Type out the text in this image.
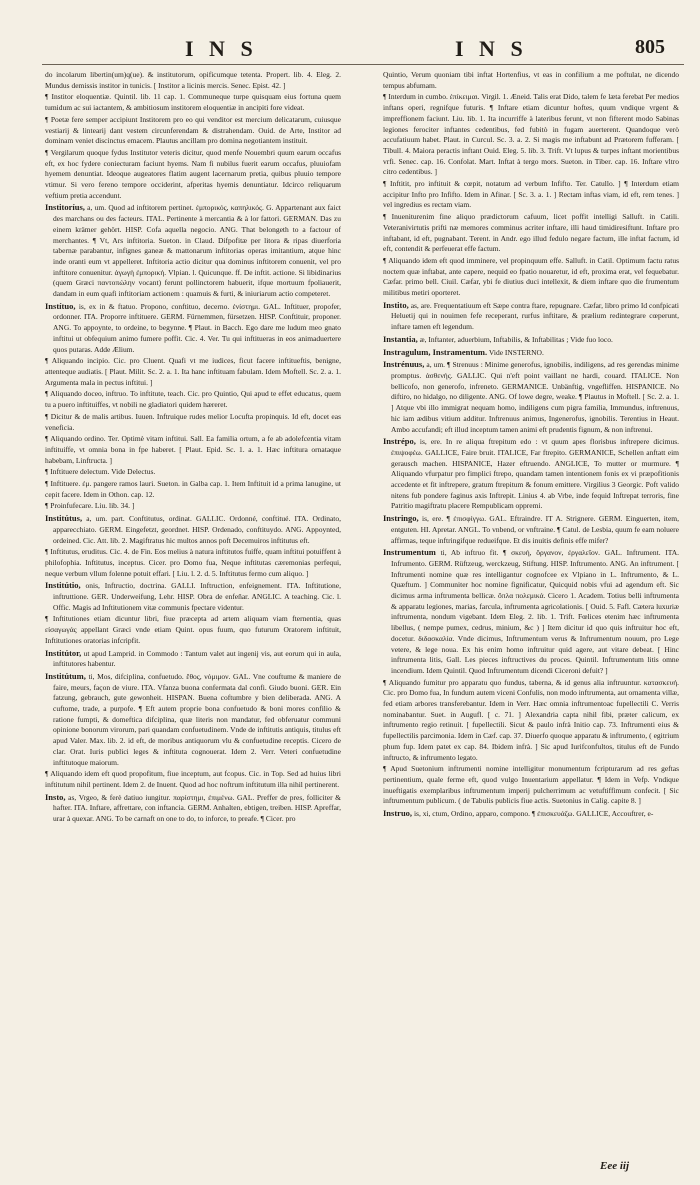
I N S	I N S	805

do incolarum libertin(um)q(ue). & institutorum, opificumque tetenta. Propert. lib. 4. Eleg. 2. Mundus demissis institor in tunicis. [ Institor a licinis mercis. Senec. Epist. 42. ]

¶ Institor eloquentiæ. Quintil. lib. 11 cap. 1. Communeque turpe quisquam eius fortuna quem tumidum ac sui iactantem, & ambitiosum institorem eloquentiæ in ancipiti fore videat.

¶ Poetæ fere semper accipiunt Institorem pro eo qui venditor est mercium delicatarum, cuiusque vestiarij & lintearij dant vestem circunferendam & distrahendam. Ouid. de Arte, Institor ad dominam veniet discinctus emacem. Plautus ancillam pro domina negotiantem instituit.

¶ Vergilarum quoque fydus Institutor veteris dicitur, quod menfe Nouembri quum earum occafus eft, ex hoc fydere coniecturam faciunt hyems. Nam fi nubilus fuerit earum occafus, pluuiofam hyemem denuntiat. Ideoque augeatores flatim augent lacernarum pretia, quibus pluuio tempore vtimur. Si vero fereno tempore occiderint, afperitas hyemis denuntiatur. Idcirco reliquarum veftium pretia accendunt.

Institoríus, a, um. Quod ad inftitorem pertinet. ἐμπορικός, καπηλικός. G. Appartenant aux faict des marchans ou des facteurs. ITAL. Pertinente à mercantia & à lor fattori. GERMAN. Das zu einem krämer gehört. HISP. Cofa aquella negocio. ANG. That belongeth to a factour of merchantes. ¶ Vt, Ars inftitoria. Sueton. in Claud. Difpofitæ per litora & ripas diuerforia tabernæ parabantur, infignes ganeæ & mattonarum inftitorias operas imitantium, atque hinc inde oranti eum vt appelleret. Inftitoria actio dicitur qua dominus inftitorem conuenit, vel pro inftitore conuenitur. ἀγωγὴ ἐμπορική. Vlpian. l. Quicunque. ff. De inftit. actione. Si libidinarius (quem Græci παντοπώλην vocant) ferunt pollinctorem habuerit, ifque mortuum fpoliauerit, dandam in eum quafi inftitoriam actionem : quamuis & furti, & iniuriarum actio competeret.

Instítuo, is, ex in & ftatuo. Propono, conftituo, decerno. ἐνίστημι. GAL. Inftituer, propofer, ordonner. ITA. Proporre inftituere. GERM. Fürnemmen, fürsetzen. HISP. Conftituir, proponer. ANG. To appoynte, to ordeine, to begynne. ¶ Plaut. in Bacch. Ego dare me ludum meo gnato inftitui ut obfequium animo fumere poffit. Cic. 4. Ver. Tu qui inftitueras in eos animaduertere quos putaras. Adde Ælium.

¶ Aliquando incipio. Cic. pro Cluent. Quafi vt me iudices, ficut facere inftitueftis, benigne, attenteque audiatis. [ Plaut. Milit. Sc. 2. a. 1. Ita hanc inftituam fabulam. Idem Moftell. Sc. 2. a. 1. Argumenta mala in pectus inftitui. ]

¶ Aliquando doceo, inftruo. To inftitute, teach. Cic. pro Quintio, Qui apud te effet educatus, quem tu a puero inftituiffes, vt nobili ne gladiatori quidem hæreret.

¶ Dicitur & de malis artibus. Iuuen. Inftruique rudes melior Locufta propinquis. Id eft, docet eas veneficia.

¶ Aliquando ordino. Ter. Optimè vitam inftitui. Sall. Ea familia ortum, a fe ab adolefcentia vitam inftituiffe, vt omnia bona in fpe haberet. [ Plaut. Epid. Sc. 1. a. 1. Hæc inftitura ornataque habebam, Linftructa. ]

¶ Inftituere delectum. Vide Delectus.

¶ Inftituere. ἐμ. pangere ramos lauri. Sueton. in Galba cap. 1. Item Inftituit id a prima lanugine, ut cepit facere. Idem in Othon. cap. 12.

¶ Proinfufecare. Liu. lib. 34. ]

Institútus, a, um. part. Conftitutus, ordinat. GALLIC. Ordonné, conftitué. ITA. Ordinato, apparecchiato. GERM. Eingefetzt, geordnet. HISP. Ordenado, conftituydo. ANG. Appoynted, ordeined. Cic. Att. lib. 2. Magiftratus hic multos annos poft Decemuiros inftitutus eft.

¶ Inftitutus, eruditus. Cic. 4. de Fin. Eos melius à natura inftitutos fuiffe, quam inftitui potuiffent à philofophia. Inftitutus, inceptus. Cicer. pro Domo fua, Neque inftitutas cæremonias perfequi, neque verbum vllum folenne potuit effari. [ Liu. l. 2. d. 5. Inftitutus fermo cum aliquo. ]

Institútio, onis, Inftructio, doctrina. GALLI. Inftruction, enfeignement. ITA. Inftitutione, inftruttione. GER. Underweifung, Lehr. HISP. Obra de enfeñar. ANGLIC. A teaching. Cic. l. Offic. Magis ad Inftitutionem vitæ communis fpectare videntur.

¶ Inftitutiones etiam dicuntur libri, fiue præcepta ad artem aliquam viam fternentia, quas εἰσαγωγάς appellant Græci vnde etiam Quint. opus fuum, quo futurum Oratorem inftituit, Inftitutiones oratorias infcripfit.

Institútor, ut apud Lamprid. in Commodo : Tantum valet aut ingenij vis, aut eorum qui in aula, inftitutores habentur.

Institútum, ti, Mos, difciplina, confuetudo. ἔθος, νόμιμον. GAL. Vne couftume & maniere de faire, meurs, façon de viure. ITA. Vfanza buona confermata dal confi. Giudo buoni. GER. Ein fatzung, gebrauch, gute gewonheit. HISPAN. Buena coftumbre y bien deliberada. ANG. A cuftome, trade, a purpofe. ¶ Eft autem proprie bona confuetudo & boni mores confilio & ratione fumpti, & domeftica difciplina, quæ literis non mandatur, fed obferuatur communi opinione bonorum virorum, pari quandam confuetudinem. Vnde de inftitutis antiquis, titulus eft apud Valer. Max. lib. 2. id eft, de moribus antiquorum vlu & confuetudine receptis. Cicero de clar. Orat. Iuris publici leges & inftituta cognouerat. Idem 2. Verr. Veteri confuetudine inftitutoque maiorum.

¶ Aliquando idem eft quod propofitum, fiue inceptum, aut fcopus. Cic. in Top. Sed ad huius libri inftitutum nihil pertinent. Idem 2. de Inuent. Quod ad hoc noftrum inftitutum illa nihil pertinerent.

Insto, as, Vrgeo, & ferè datiuo iungitur. παρίστημι, ἐπιμένω. GAL. Preffer de pres, folliciter & hafter. ITA. Inftare, affrettare, con inftancia. GERM. Anhalten, ebtigen, treiben. HISP. Apreffar, urar à quexar. ANG. To be carnaft on one to do, to inforce, to preafe. ¶ Cicer. pro

Quintio, Verum quoniam tibi inftat Hortenfius, vt eas in confilium a me poftulat, ne dicendo tempus abfumam.

¶ Interdum in cumbo. ἐπίκειμαι. Virgil. 1. Æneid. Talis erat Dido, talem fe læta ferebat Per medios inftans operi, regnifque futuris. ¶ Inftare etiam dicuntur hoftes, quum vndique vrgent & impreffionem faciunt. Liu. lib. 1. Ita incurriffe à lateribus ferunt, vt non fifterent modo Sabinas legiones ferociter inftantes cedentibus, fed fubitò in fugam auerterent. Quandoque verò accufatiuum habet. Plaut. in Curcul. Sc. 3. a. 2. Si magis me inftabunt ad Prætorem fufferam. [ Tibull. 4. Maiora peractis inftant Ouid. Eleg. 5. lib. 3. Trift. Vt lupus & turpes inftant morientibus vrfi. Senec. cap. 16. Confolat. Mart. Inftat à tergo mors. Sueton. in Tiber. cap. 16. Inftare vltro citro cedentibus. ]

¶ Inftitit, pro inftituit & cœpit, notatum ad verbum Infifto. Ter. Catullo. ] ¶ Interdum etiam accipitur Infto pro Infifto. Idem in Afinar. [ Sc. 3. a. 1. ] Rectam inftas viam, id eft, rem tenes. ] vel ingredius es rectam viam.

¶ Inueniturenim fine aliquo prædictorum cafuum, licet poffit intelligi Salluft. in Catili. Veteranivirtutis prifti næ memores comminus acriter inftare, illi haud timidiresiftunt. Inftare pro inftabant, id eft, pugnabant. Terent. in Andr. ego illud fedulo negare factum, ille inftat factum, id eft, contendit & perfeuerat effe factum.

¶ Aliquando idem eft quod imminere, vel propinquum effe. Salluft. in Catil. Optimum factu ratus noctem quæ inftabat, ante capere, nequid eo fpatio nouaretur, id eft, proxima erat, vel fequebatur. Cæfar. primo bell. Ciuil. Cæfar, ybi fe diutius duci intellexit, & diem inftare quo die frumentum militibus metiri oporteret.

Instito, as, are. Frequentatiuum eft Sæpe contra ftare, repugnare. Cæfar, libro primo Id confpicati Heluetij qui in nouimen fefe receperant, rurfus inftitare, & prælium redintegrare cœperunt, inftare tamen eft legendum.

Instantia, æ, Inftanter, aduerbium, Inftabilis, & Inftabilitas ; Vide fuo loco.

Instragulum, Instramentum. Vide INSTERNO.

Instrénuus, a, um. ¶ Strenuus : Minime generofus, ignobilis, indiligens, ad res gerendas minime promptus. ἀσθενής. GALLIC. Qui n'eft point vaillant ne hardi, couard. ITALICE. Non bellicofo, non generofo, infreneto. GERMANICE. Unbänftig, vngefliffen. HISPANICE. No diftiro, no hidalgo, no diligente. ANG. Of lowe degre, weake. ¶ Plautus in Moftell. [ Sc. 2. a. 1. ] Atque vbi illo immigrat nequam homo, indiligens cum pigra familia, Immundus, inftrenuus, hic iam ædibus vitium additur. Inftrenuus animus, Ingenerofus, ignobilis. Terentius in Heaut. Ambo accufandi; eft illud inceptum tamen animi eft prudentis fignum, & non inftrenui.

Instrépo, is, ere. In re aliqua ftrepitum edo : vt quum apes florisbus inftrepere dicimus. ἐπιψοφέω. GALLICE, Faire bruit. ITALICE, Far ftrepito. GERMANICE, Schellen anftatt eim gerausch machen. HISPANICE, Hazer eftruendo. ANGLICE, To mutter or murmure. ¶ Aliquando vfurpatur pro fimplici ftrepo, quandam tamen intentionem fonis ex vi præpofitionis accedente et fit inftrepere, gratum ftrepitum & fonum emittere. Virgilius 3 Georgic. Poft valido nitens fub pondere faginus axis Inftrepit. Linius 4. ab Vrbe, inde fequid Inftrepat terroris, fine Patritio magiftratu placere Rempublicam oppremi.

Instringo, is, ere. ¶ ἐπισφίγγω. GAL. Eftraindre. IT A. Strignere. GERM. Einguerten, item, entguten. HI. Apretar. ANGL. To vnbend, or vnftraine. ¶ Catul. de Lesbia, quum fe eam noluere affirmas, teque inftringifque redueifque. Et dis inuitis definis effe mifer?

Instrumentum ti, Ab inftruo fit. ¶ σκευή, ὄργανον, ἐργαλεῖον. GAL. Inftrument. ITA. Infrumento. GERM. Rüftzeug, werckzeug, Stiftung. HISP. Inftrumento. ANG. An inftrument. [ Inftrumenti nomine quæ res intelligantur cognofcee ex Vlpiano in L. Inftrumento, & L. Quæftum. ] Communiter hoc nomine fignificatur, Quicquid nobis vfui ad agendum eft. Sic dicimus arma inftrumenta bellicæ. ὅπλα πολεμικά. Cicero 1. Academ. Totius belli inftrumenta & apparatu legiones, marias, farcula, inftrumenta agricolationis. [ Ouid. 5. Fafl. Cætera luxuriæ inftrumenta, nondum vigebant. Idem Eleg. 2. lib. 1. Trift. Fœlices etenim hæc inftrumenta libellus, ( nempe pumex, cedrus, minium, &c ) ] Item dicitur id quo quis inftruitur hoc eft, docetur. διδασκαλία. Vnde dicimus, Inftrumentum verus & Inftrumentum nouum, pro Lege vetere, & lege noua. Ex his enim homo inftruitur quid agere, aut vitare debeat. [ Hinc inftrumenta litis, Gall. Les pieces inftructives du proces. Quintil. Inftrumentum litis omne incendium. Idem Quintil. Quod Inftrumentum dicendi Ciceroni defuit? ]

¶ Aliquando fumitur pro apparatu quo fundus, taberna, & id genus alia inftruuntur. κατασκευή. Cic. pro Domo fua, In fundum autem viceni Confulis, non modo inftrumenta, aut ornamenta villæ, fed etiam arbores transferebantur. Idem in Verr. Hæc omnia inftrumentoac fupellectili C. Verris nominabantur. Suet. in Augufl. [ c. 71. ] Alexandria capta nihil fibi, præter calicum, ex inftrumento regio retinuit. [ fupellectili. Sicut & paulo infrà Initio cap. 73. Inftrumenti eius & fupellectilis parcimonia. Idem in Cæf. cap. 37. Diuerfo quoque apparatu & inftrumento, ( egitrium phum fup. Idem patet ex cap. 84. Ibidem infrà. ] Sic apud Iurifconfultos, titulus eft de Fundo inftructo, & inftrumento legato.

¶ Apud Suetonium inftrumenti nomine intelligitur monumentum fcripturarum ad res geftas pertinentium, quale ferme eft, quod vulgo Inuentarium appellatur. ¶ Idem in Vefp. Vndique inueftigatis exemplaribus inftrumentum imperij pulcherrimum ac vetuftiffimum confecit. [ Sic inftrumentum publicum. ( de Tabulis publicis fiue actis. Suetonius in Calig. capite 8. ]

Instruo, is, xi, ctum, Ordino, apparo, compono. ¶ ἐπισκευάζω. GALLICE, Accouftrer, e-

Eee iij
